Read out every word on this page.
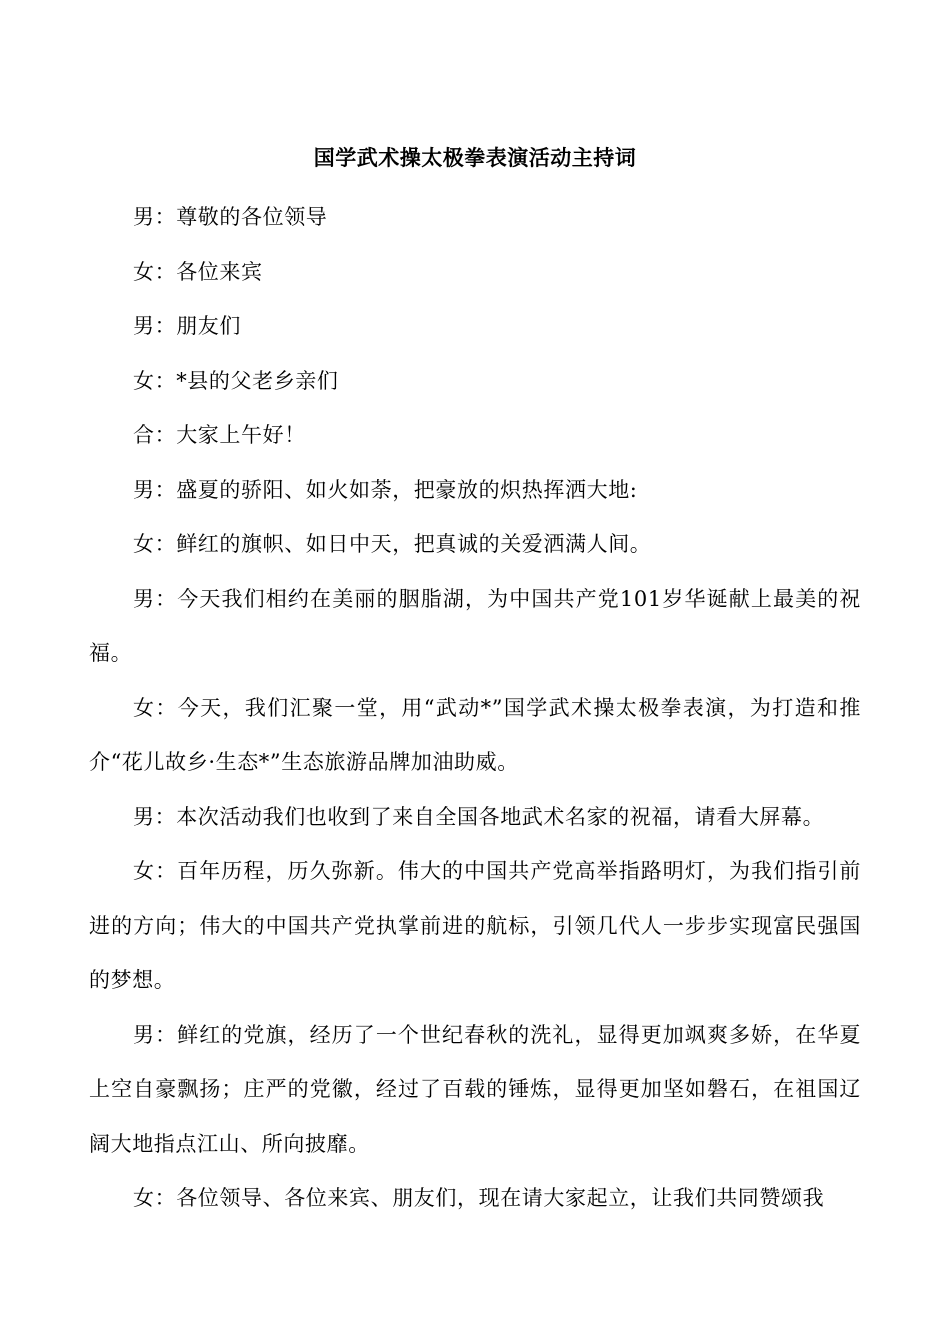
国学武术操太极拳表演活动主持词

男：尊敬的各位领导

女：各位来宾

男：朋友们

女：*县的父老乡亲们

合：大家上午好！

男：盛夏的骄阳、如火如荼，把豪放的炽热挥洒大地:

女：鲜红的旗帜、如日中天，把真诚的关爱洒满人间。

男：今天我们相约在美丽的胭脂湖，为中国共产党101岁华诞献上最美的祝福。

女：今天，我们汇聚一堂，用“武动*”国学武术操太极拳表演，为打造和推介“花儿故乡·生态*”生态旅游品牌加油助威。

男：本次活动我们也收到了来自全国各地武术名家的祝福，请看大屏幕。

女：百年历程，历久弥新。伟大的中国共产党高举指路明灯，为我们指引前进的方向；伟大的中国共产党执掌前进的航标，引领几代人一步步实现富民强国的梦想。

男：鲜红的党旗，经历了一个世纪春秋的洗礼，显得更加飒爽多娇，在华夏上空自豪飘扬；庄严的党徽，经过了百载的锤炼，显得更加坚如磐石，在祖国辽阔大地指点江山、所向披靡。

女：各位领导、各位来宾、朋友们，现在请大家起立，让我们共同赞颂我
